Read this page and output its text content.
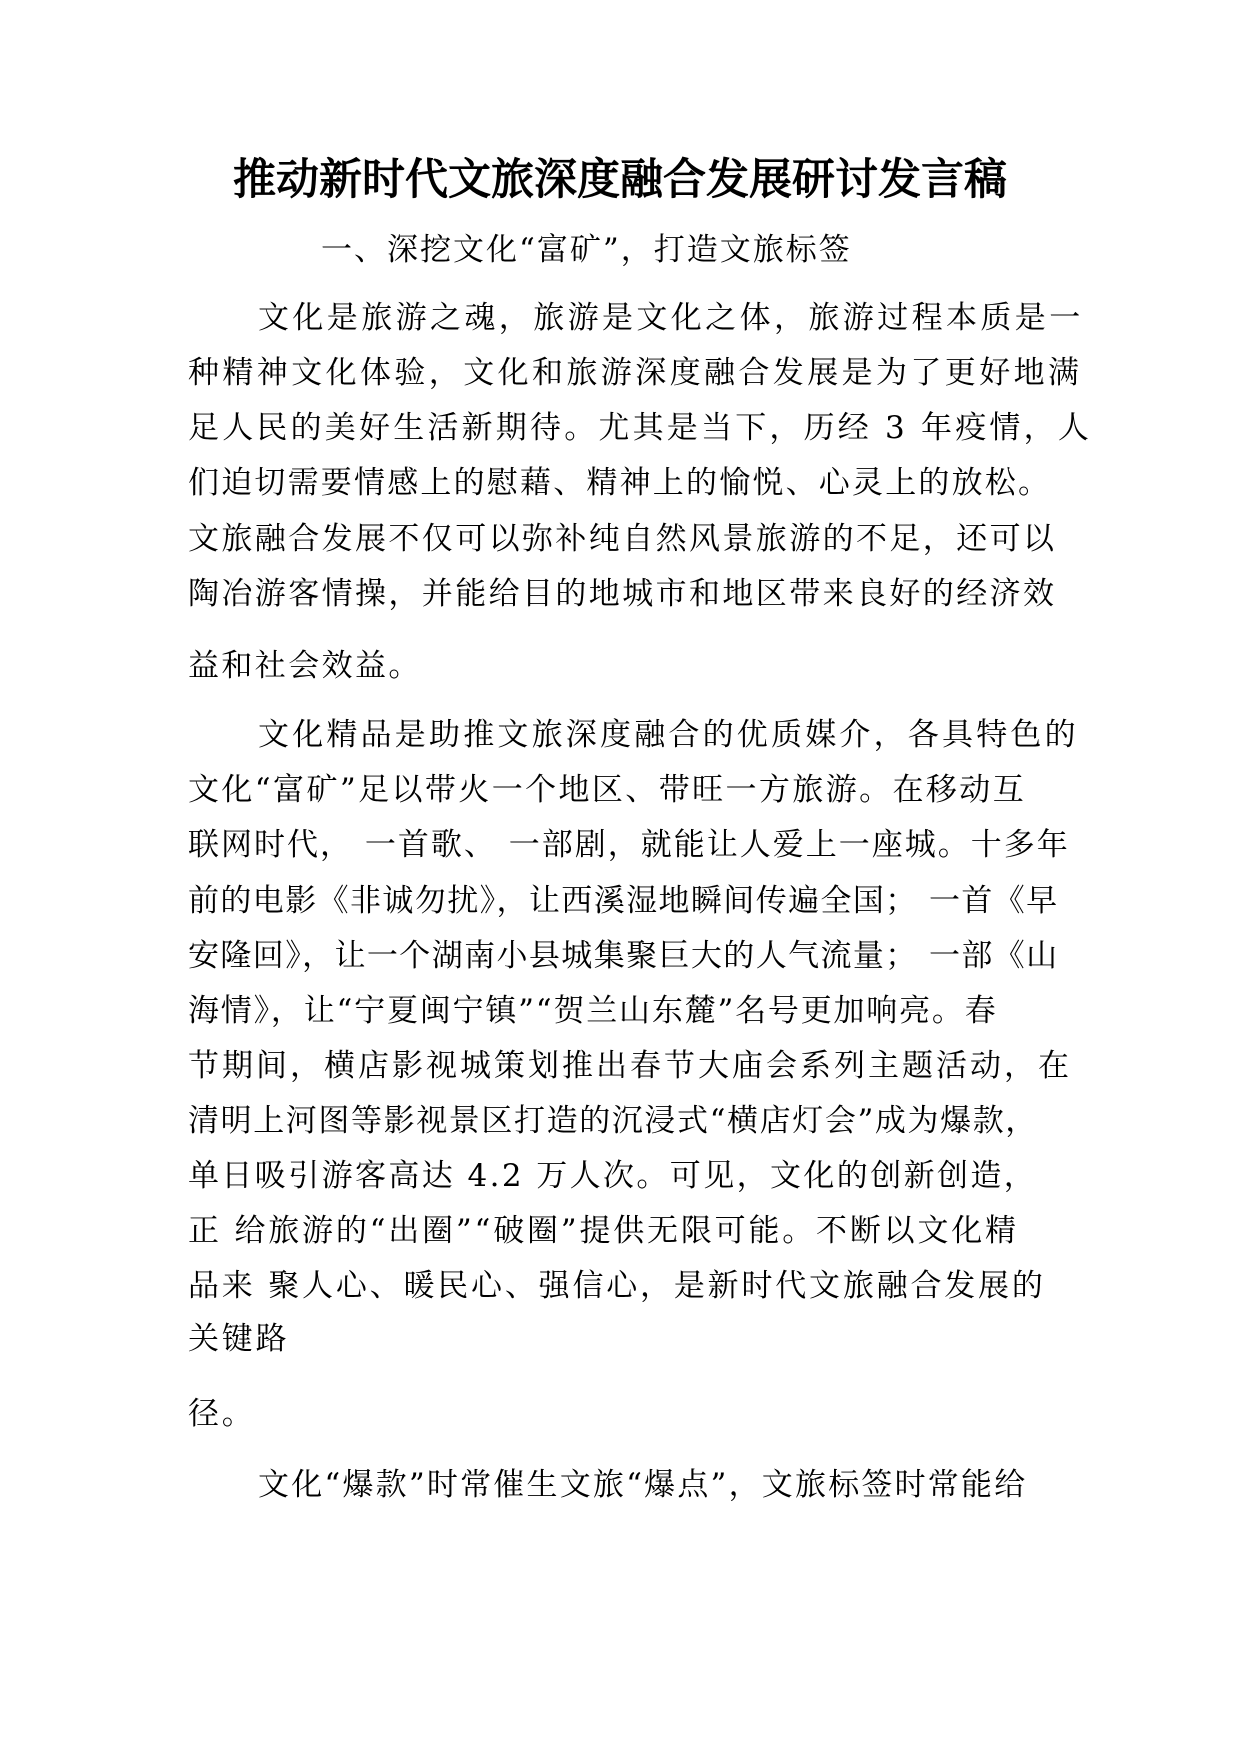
推动新时代文旅深度融合发展研讨发言稿
一、深挖文化“富矿”，打造文旅标签
文化是旅游之魂，旅游是文化之体，旅游过程本质是一
种精神文化体验，文化和旅游深度融合发展是为了更好地满
足人民的美好生活新期待。尤其是当下，历经 3 年疫情，人
们迫切需要情感上的慰藉、精神上的愉悦、心灵上的放松。
文旅融合发展不仅可以弥补纯自然风景旅游的不足，还可以
陶冶游客情操，并能给目的地城市和地区带来良好的经济效
益和社会效益。
文化精品是助推文旅深度融合的优质媒介，各具特色的
文化“富矿”足以带火一个地区、带旺一方旅游。在移动互
联网时代， 一首歌、 一部剧，就能让人爱上一座城。十多年
前的电影《非诚勿扰》，让西溪湿地瞬间传遍全国； 一首《早
安隆回》，让一个湖南小县城集聚巨大的人气流量； 一部《山
海情》，让“宁夏闽宁镇”“贺兰山东麓”名号更加响亮。春
节期间，横店影视城策划推出春节大庙会系列主题活动，在
清明上河图等影视景区打造的沉浸式“横店灯会”成为爆款，
单日吸引游客高达 4.2 万人次。可见，文化的创新创造，
正 给旅游的“出圈”“破圈”提供无限可能。不断以文化精
品来 聚人心、暖民心、强信心，是新时代文旅融合发展的
关键路
径。
文化“爆款”时常催生文旅“爆点”，文旅标签时常能给
